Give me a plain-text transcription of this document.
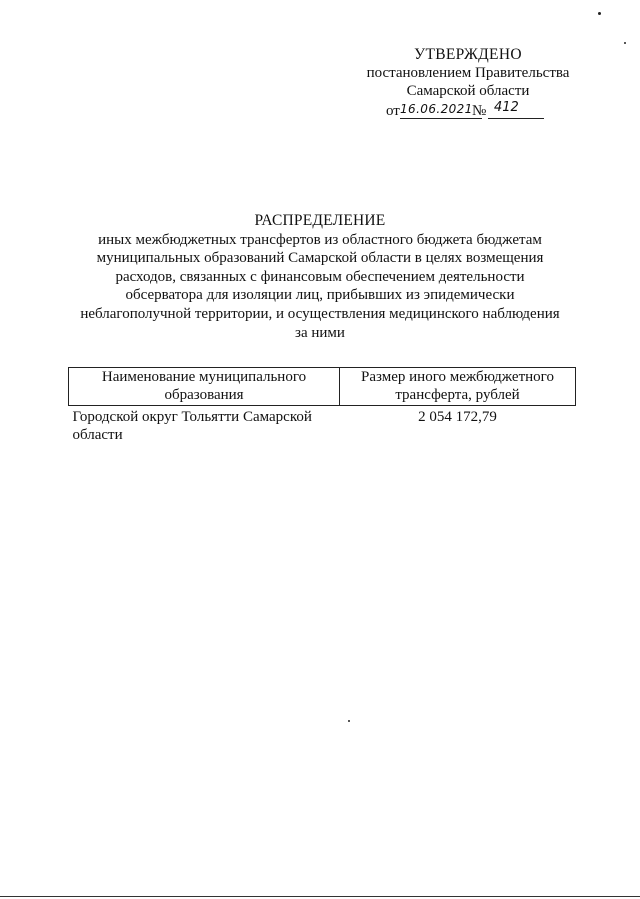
УТВЕРЖДЕНО
постановлением Правительства
Самарской области
от 16.06.2021 № 412
РАСПРЕДЕЛЕНИЕ
иных межбюджетных трансфертов из областного бюджета бюджетам
муниципальных образований Самарской области в целях возмещения
расходов, связанных с финансовым обеспечением деятельности
обсерватора для изоляции лиц, прибывших из эпидемически
неблагополучной территории, и осуществления медицинского наблюдения
за ними
Наименование муниципального образования	Размер иного межбюджетного трансферта, рублей
Городской округ Тольятти Самарской области	2 054 172,79
